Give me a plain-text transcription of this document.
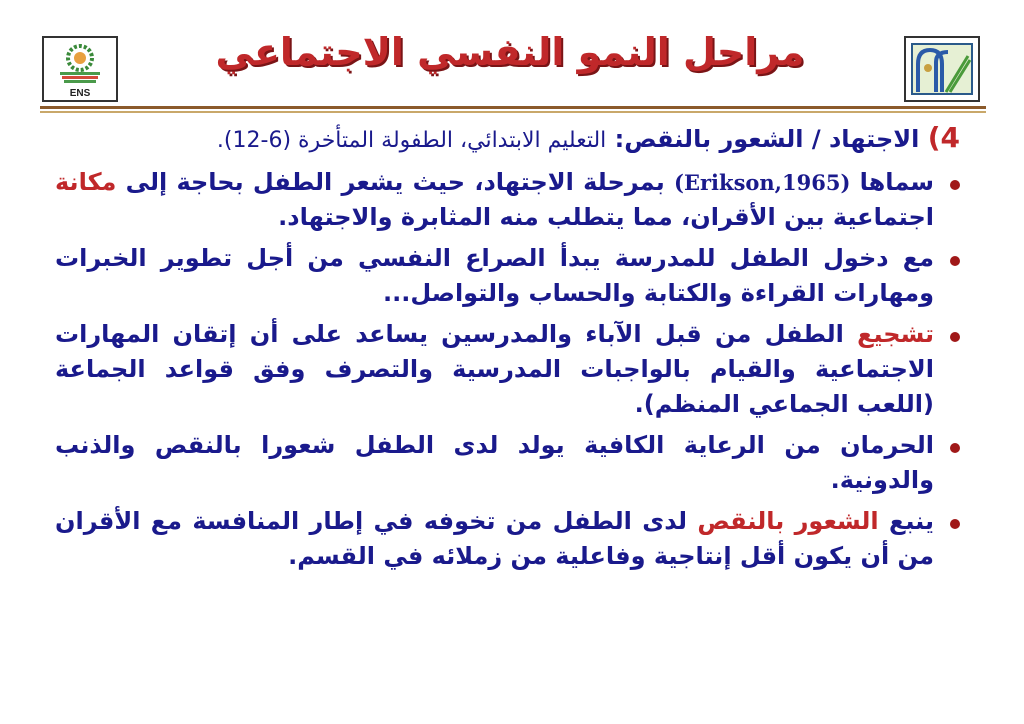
ENS
مراحل النمو النفسي الاجتماعي
4) الاجتهاد / الشعور بالنقص: التعليم الابتدائي، الطفولة المتأخرة (6-12).
سماها (Erikson,1965) بمرحلة الاجتهاد، حيث يشعر الطفل بحاجة إلى مكانة اجتماعية بين الأقران، مما يتطلب منه المثابرة والاجتهاد.
مع دخول الطفل للمدرسة يبدأ الصراع النفسي من أجل تطوير الخبرات ومهارات القراءة والكتابة والحساب والتواصل...
تشجيع الطفل من قبل الآباء والمدرسين يساعد على أن إتقان المهارات الاجتماعية والقيام بالواجبات المدرسية والتصرف وفق قواعد الجماعة (اللعب الجماعي المنظم).
الحرمان من الرعاية الكافية يولد لدى الطفل شعورا بالنقص والذنب والدونية.
ينبع الشعور بالنقص لدى الطفل من تخوفه في إطار المنافسة مع الأقران من أن يكون أقل إنتاجية وفاعلية من زملائه في القسم.
